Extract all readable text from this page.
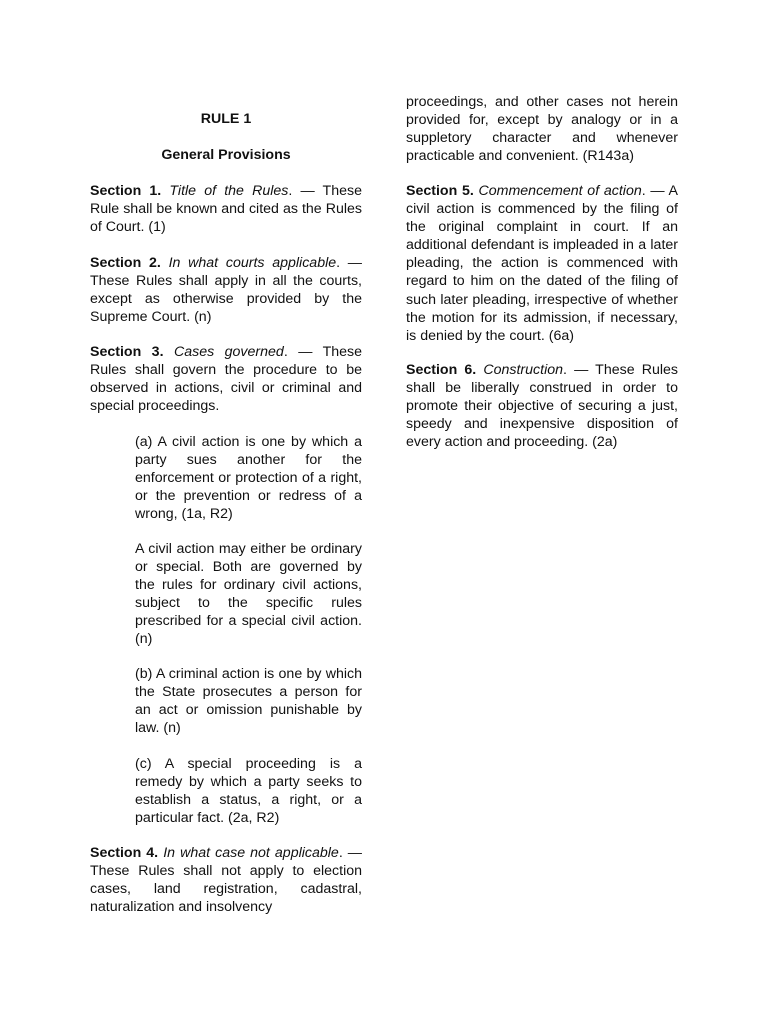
RULE 1

General Provisions

Section 1. Title of the Rules. — These Rule shall be known and cited as the Rules of Court. (1)

Section 2. In what courts applicable. — These Rules shall apply in all the courts, except as otherwise provided by the Supreme Court. (n)

Section 3. Cases governed. — These Rules shall govern the procedure to be observed in actions, civil or criminal and special proceedings.

(a) A civil action is one by which a party sues another for the enforcement or protection of a right, or the prevention or redress of a wrong, (1a, R2)

A civil action may either be ordinary or special. Both are governed by the rules for ordinary civil actions, subject to the specific rules prescribed for a special civil action. (n)

(b) A criminal action is one by which the State prosecutes a person for an act or omission punishable by law. (n)

(c) A special proceeding is a remedy by which a party seeks to establish a status, a right, or a particular fact. (2a, R2)

Section 4. In what case not applicable. — These Rules shall not apply to election cases, land registration, cadastral, naturalization and insolvency

proceedings, and other cases not herein provided for, except by analogy or in a suppletory character and whenever practicable and convenient. (R143a)

Section 5. Commencement of action. — A civil action is commenced by the filing of the original complaint in court. If an additional defendant is impleaded in a later pleading, the action is commenced with regard to him on the dated of the filing of such later pleading, irrespective of whether the motion for its admission, if necessary, is denied by the court. (6a)

Section 6. Construction. — These Rules shall be liberally construed in order to promote their objective of securing a just, speedy and inexpensive disposition of every action and proceeding. (2a)
